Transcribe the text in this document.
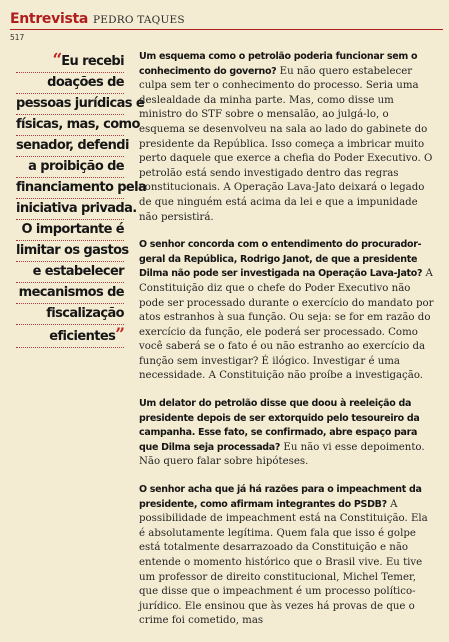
Entrevista PEDRO TAQUES
517
“Eu recebi
doações de
pessoas jurídicas e
físicas, mas, como
senador, defendi
a proibição de
financiamento pela
iniciativa privada.
O importante é
limitar os gastos
e estabelecer
mecanismos de
fiscalização
eficientes”

Um esquema como o petrolão poderia funcionar sem o conhecimento do governo? Eu não quero estabelecer culpa sem ter o conhecimento do processo. Seria uma deslealdade da minha parte. Mas, como disse um ministro do STF sobre o mensalão, ao julgá-lo, o esquema se desenvolveu na sala ao lado do gabinete do presidente da República. Isso começa a imbricar muito perto daquele que exerce a chefia do Poder Executivo. O petrolão está sendo investigado dentro das regras constitucionais. A Operação Lava-Jato deixará o legado de que ninguém está acima da lei e que a impunidade não persistirá.

O senhor concorda com o entendimento do procurador-geral da República, Rodrigo Janot, de que a presidente Dilma não pode ser investigada na Operação Lava-Jato? A Constituição diz que o chefe do Poder Executivo não pode ser processado durante o exercício do mandato por atos estranhos à sua função. Ou seja: se for em razão do exercício da função, ele poderá ser processado. Como você saberá se o fato é ou não estranho ao exercício da função sem investigar? É ilógico. Investigar é uma necessidade. A Constituição não proíbe a investigação.

Um delator do petrolão disse que doou à reeleição da presidente depois de ser extorquido pelo tesoureiro da campanha. Esse fato, se confirmado, abre espaço para que Dilma seja processada? Eu não vi esse depoimento. Não quero falar sobre hipóteses.

O senhor acha que já há razões para o impeachment da presidente, como afirmam integrantes do PSDB? A possibilidade de impeachment está na Constituição. Ela é absolutamente legítima. Quem fala que isso é golpe está totalmente desarrazoado da Constituição e não entende o momento histórico que o Brasil vive. Eu tive um professor de direito constitucional, Michel Temer, que disse que o impeachment é um processo político-jurídico. Ele ensinou que às vezes há provas de que o crime foi cometido, mas
